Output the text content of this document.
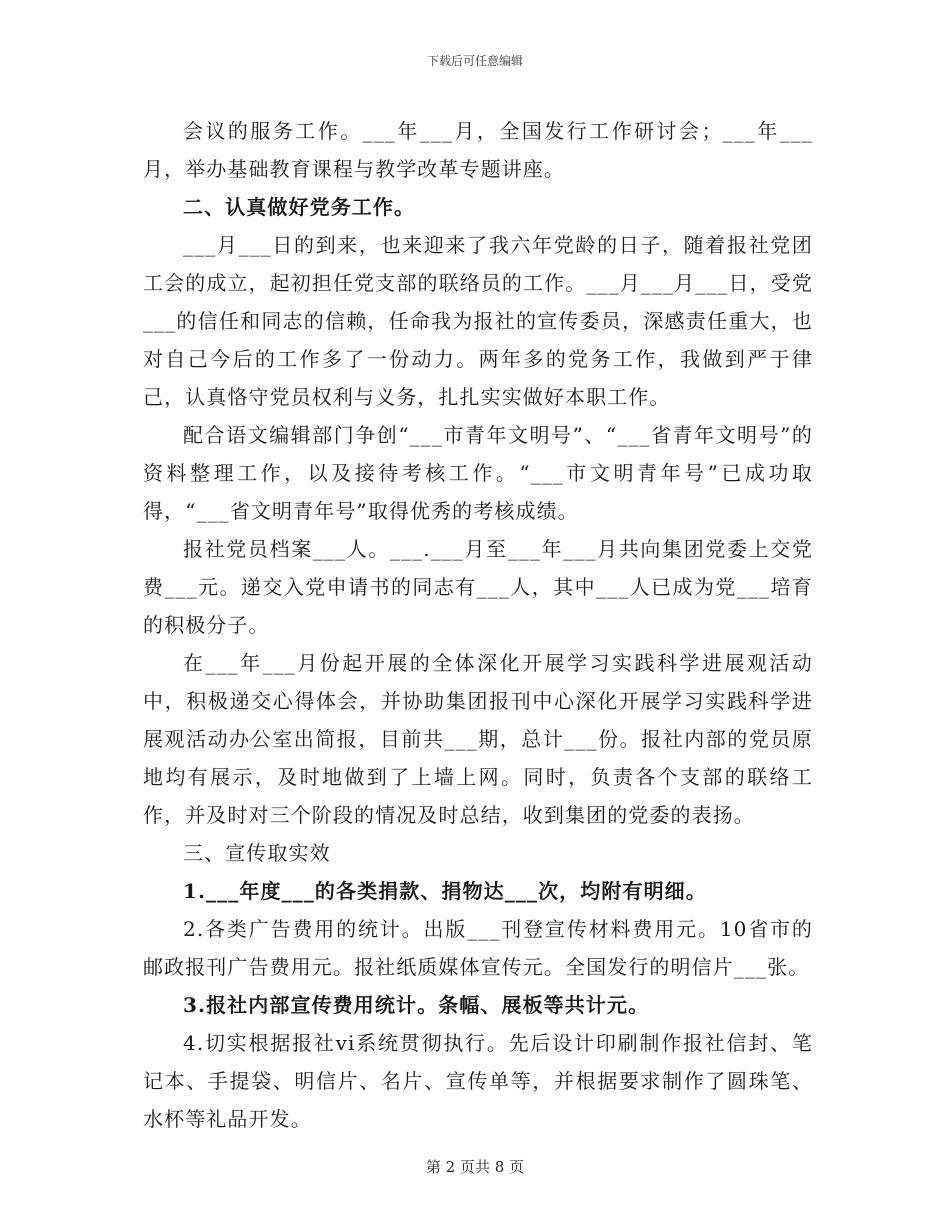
下载后可任意编辑

会议的服务工作。___年___月，全国发行工作研讨会；___年___月，举办基础教育课程与教学改革专题讲座。

二、认真做好党务工作。

___月___日的到来，也来迎来了我六年党龄的日子，随着报社党团工会的成立，起初担任党支部的联络员的工作。___月___月___日，受党___的信任和同志的信赖，任命我为报社的宣传委员，深感责任重大，也对自己今后的工作多了一份动力。两年多的党务工作，我做到严于律己，认真恪守党员权利与义务，扎扎实实做好本职工作。

配合语文编辑部门争创“___市青年文明号”、“___省青年文明号”的资料整理工作，以及接待考核工作。“___市文明青年号”已成功取得，“___省文明青年号”取得优秀的考核成绩。

报社党员档案___人。___.___月至___年___月共向集团党委上交党费___元。递交入党申请书的同志有___人，其中___人已成为党___培育的积极分子。

在___年___月份起开展的全体深化开展学习实践科学进展观活动中，积极递交心得体会，并协助集团报刊中心深化开展学习实践科学进展观活动办公室出简报，目前共___期，总计___份。报社内部的党员原地均有展示，及时地做到了上墙上网。同时，负责各个支部的联络工作，并及时对三个阶段的情况及时总结，收到集团的党委的表扬。

三、宣传取实效

1.___年度___的各类捐款、捐物达___次，均附有明细。

2.各类广告费用的统计。出版___刊登宣传材料费用元。10省市的邮政报刊广告费用元。报社纸质媒体宣传元。全国发行的明信片___张。

3.报社内部宣传费用统计。条幅、展板等共计元。

4.切实根据报社vi系统贯彻执行。先后设计印刷制作报社信封、笔记本、手提袋、明信片、名片、宣传单等，并根据要求制作了圆珠笔、水杯等礼品开发。

第 2 页共 8 页
